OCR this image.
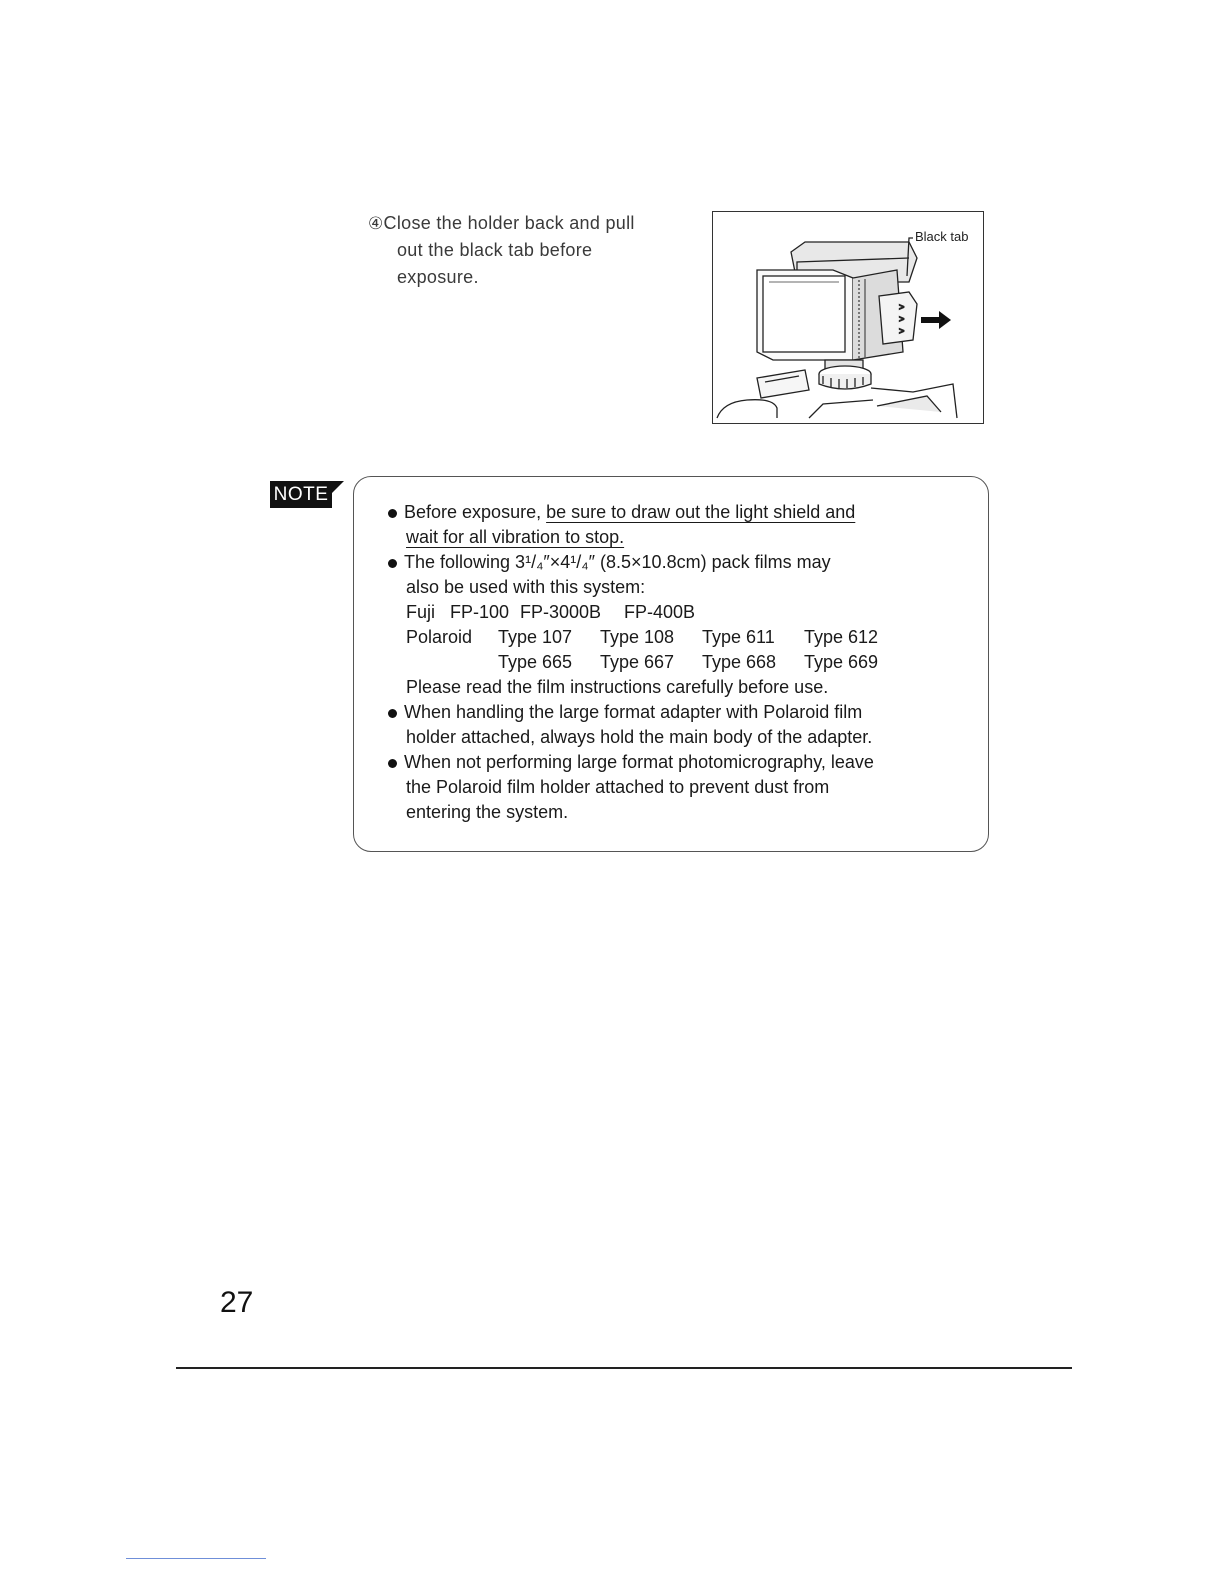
④Close the holder back and pull
out the black tab before
exposure.
>
>
>
Black tab
NOTE
Before exposure, be sure to draw out the light shield and
wait for all vibration to stop.
The following 3¹/₄″×4¹/₄″ (8.5×10.8cm) pack films may
also be used with this system:
Fuji FP-100 FP-3000B FP-400B
Polaroid Type 107 Type 108 Type 611 Type 612
Type 665 Type 667 Type 668 Type 669
Please read the film instructions carefully before use.
When handling the large format adapter with Polaroid film
holder attached, always hold the main body of the adapter.
When not performing large format photomicrography, leave
the Polaroid film holder attached to prevent dust from
entering the system.
27
